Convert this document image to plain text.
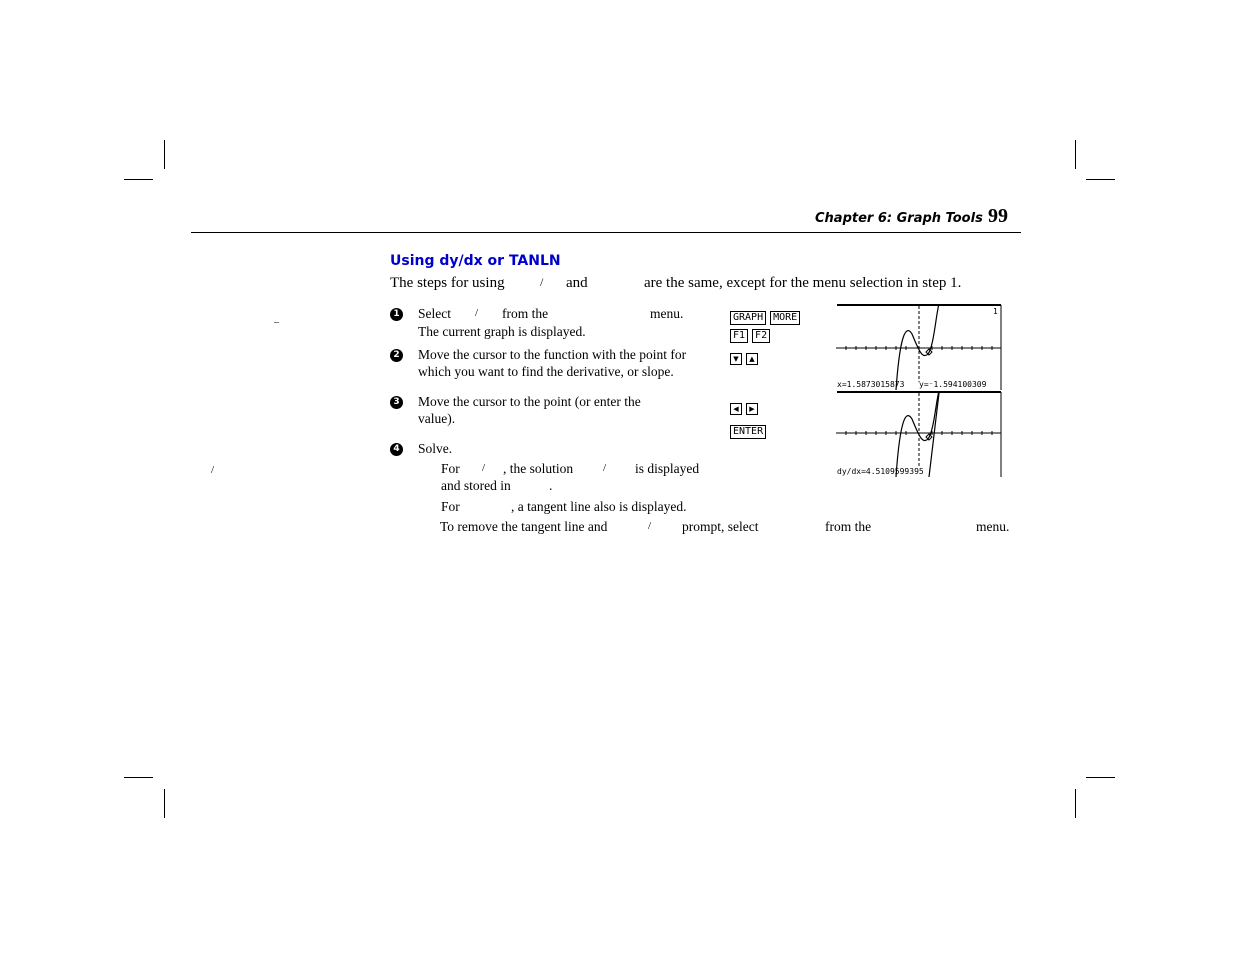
Chapter 6: Graph Tools 99
–
/
Using dy/dx or TANLN
The steps for using	/ and	are the same, except for the menu selection in step 1.
1 Select / from the	menu.
The current graph is displayed.
GRAPH MORE
F1 F2
2 Move the cursor to the function with the point for
which you want to find the derivative, or slope.
▼ ▲
3 Move the cursor to the point (or enter the
value).
◀ ▶
ENTER
4 Solve.
For / , the solution	/ is displayed
and stored in	.
For	, a tangent line also is displayed.
To remove the tangent line and	/ prompt, select	from the	menu.
x=1.5873015873 y=⁻1.594100309
1
dy/dx=4.5109599395
